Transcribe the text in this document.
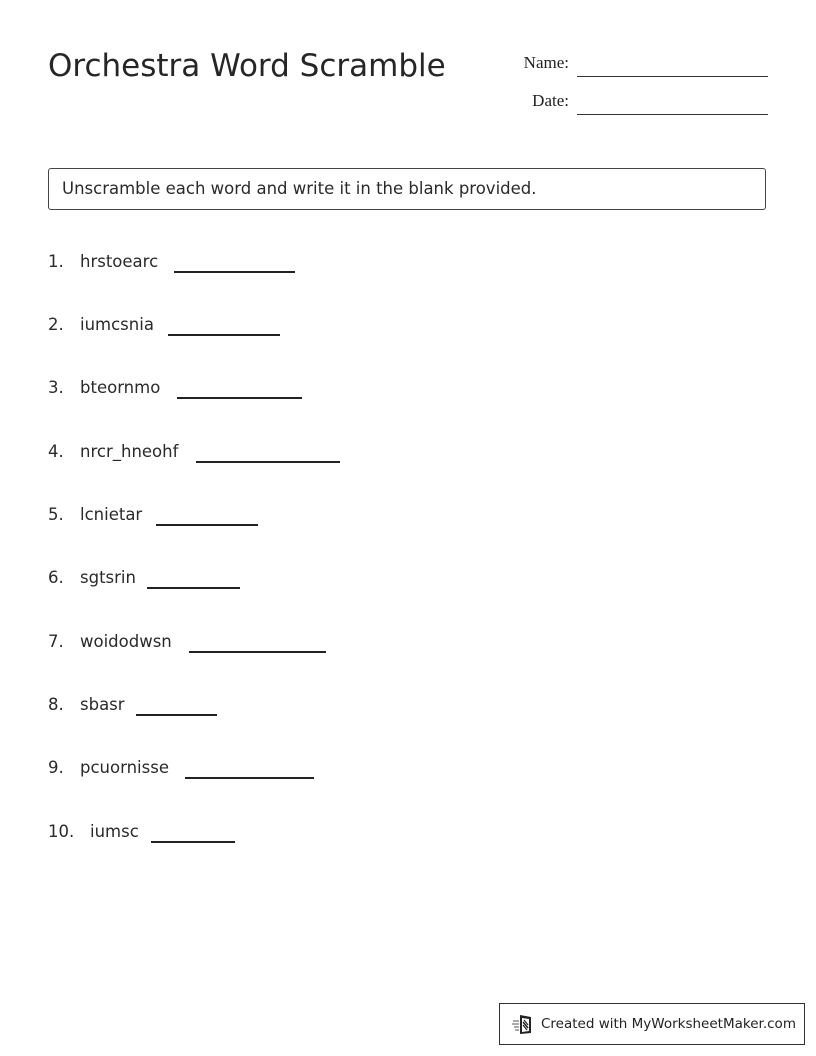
Orchestra Word Scramble	Name:
Date:
Unscramble each word and write it in the blank provided.
1. hrstoearc
2. iumcsnia
3. bteornmo
4. nrcr_hneohf
5. lcnietar
6. sgtsrin
7. woidodwsn
8. sbasr
9. pcuornisse
10. iumsc
Created with MyWorksheetMaker.com
